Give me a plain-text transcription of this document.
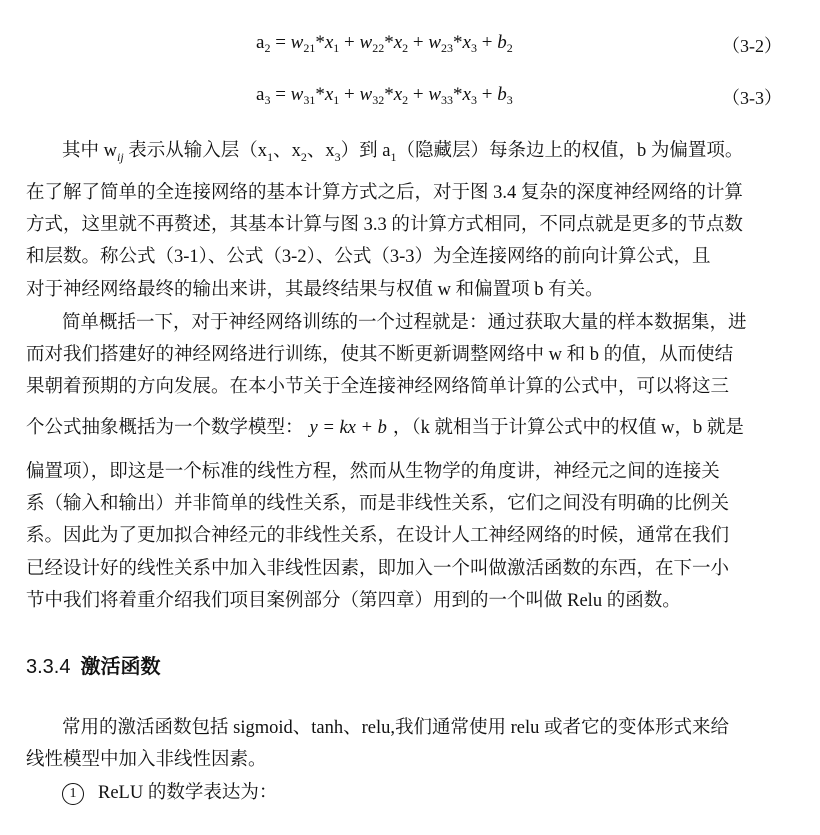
$a_2 = w_{21}*x_1 + w_{22}*x_2 + w_{23}*x_3 + b_2$	（3-2）
$a_3 = w_{31}*x_1 + w_{32}*x_2 + w_{33}*x_3 + b_3$	（3-3）
其中 $w_{ij}$ 表示从输入层（$x_1$、$x_2$、$x_3$）到 $a_1$（隐藏层）每条边上的权值，b 为偏置项。
在了解了简单的全连接网络的基本计算方式之后，对于图 3.4 复杂的深度神经网络的计算
方式，这里就不再赘述，其基本计算与图 3.3 的计算方式相同，不同点就是更多的节点数
和层数。称公式（3-1）、公式（3-2）、公式（3-3）为全连接网络的前向计算公式，且
对于神经网络最终的输出来讲，其最终结果与权值 w 和偏置项 b 有关。
简单概括一下，对于神经网络训练的一个过程就是：通过获取大量的样本数据集，进
而对我们搭建好的神经网络进行训练，使其不断更新调整网络中 w 和 b 的值，从而使结
果朝着预期的方向发展。在本小节关于全连接神经网络简单计算的公式中，可以将这三
个公式抽象概括为一个数学模型： y = kx + b ，（k 就相当于计算公式中的权值 w，b 就是
偏置项），即这是一个标准的线性方程，然而从生物学的角度讲，神经元之间的连接关
系（输入和输出）并非简单的线性关系，而是非线性关系，它们之间没有明确的比例关
系。因此为了更加拟合神经元的非线性关系，在设计人工神经网络的时候，通常在我们
已经设计好的线性关系中加入非线性因素，即加入一个叫做激活函数的东西，在下一小
节中我们将着重介绍我们项目案例部分（第四章）用到的一个叫做 Relu 的函数。
3.3.4 激活函数
常用的激活函数包括 sigmoid、tanh、relu,我们通常使用 relu 或者它的变体形式来给
线性模型中加入非线性因素。
1 ReLU 的数学表达为：
